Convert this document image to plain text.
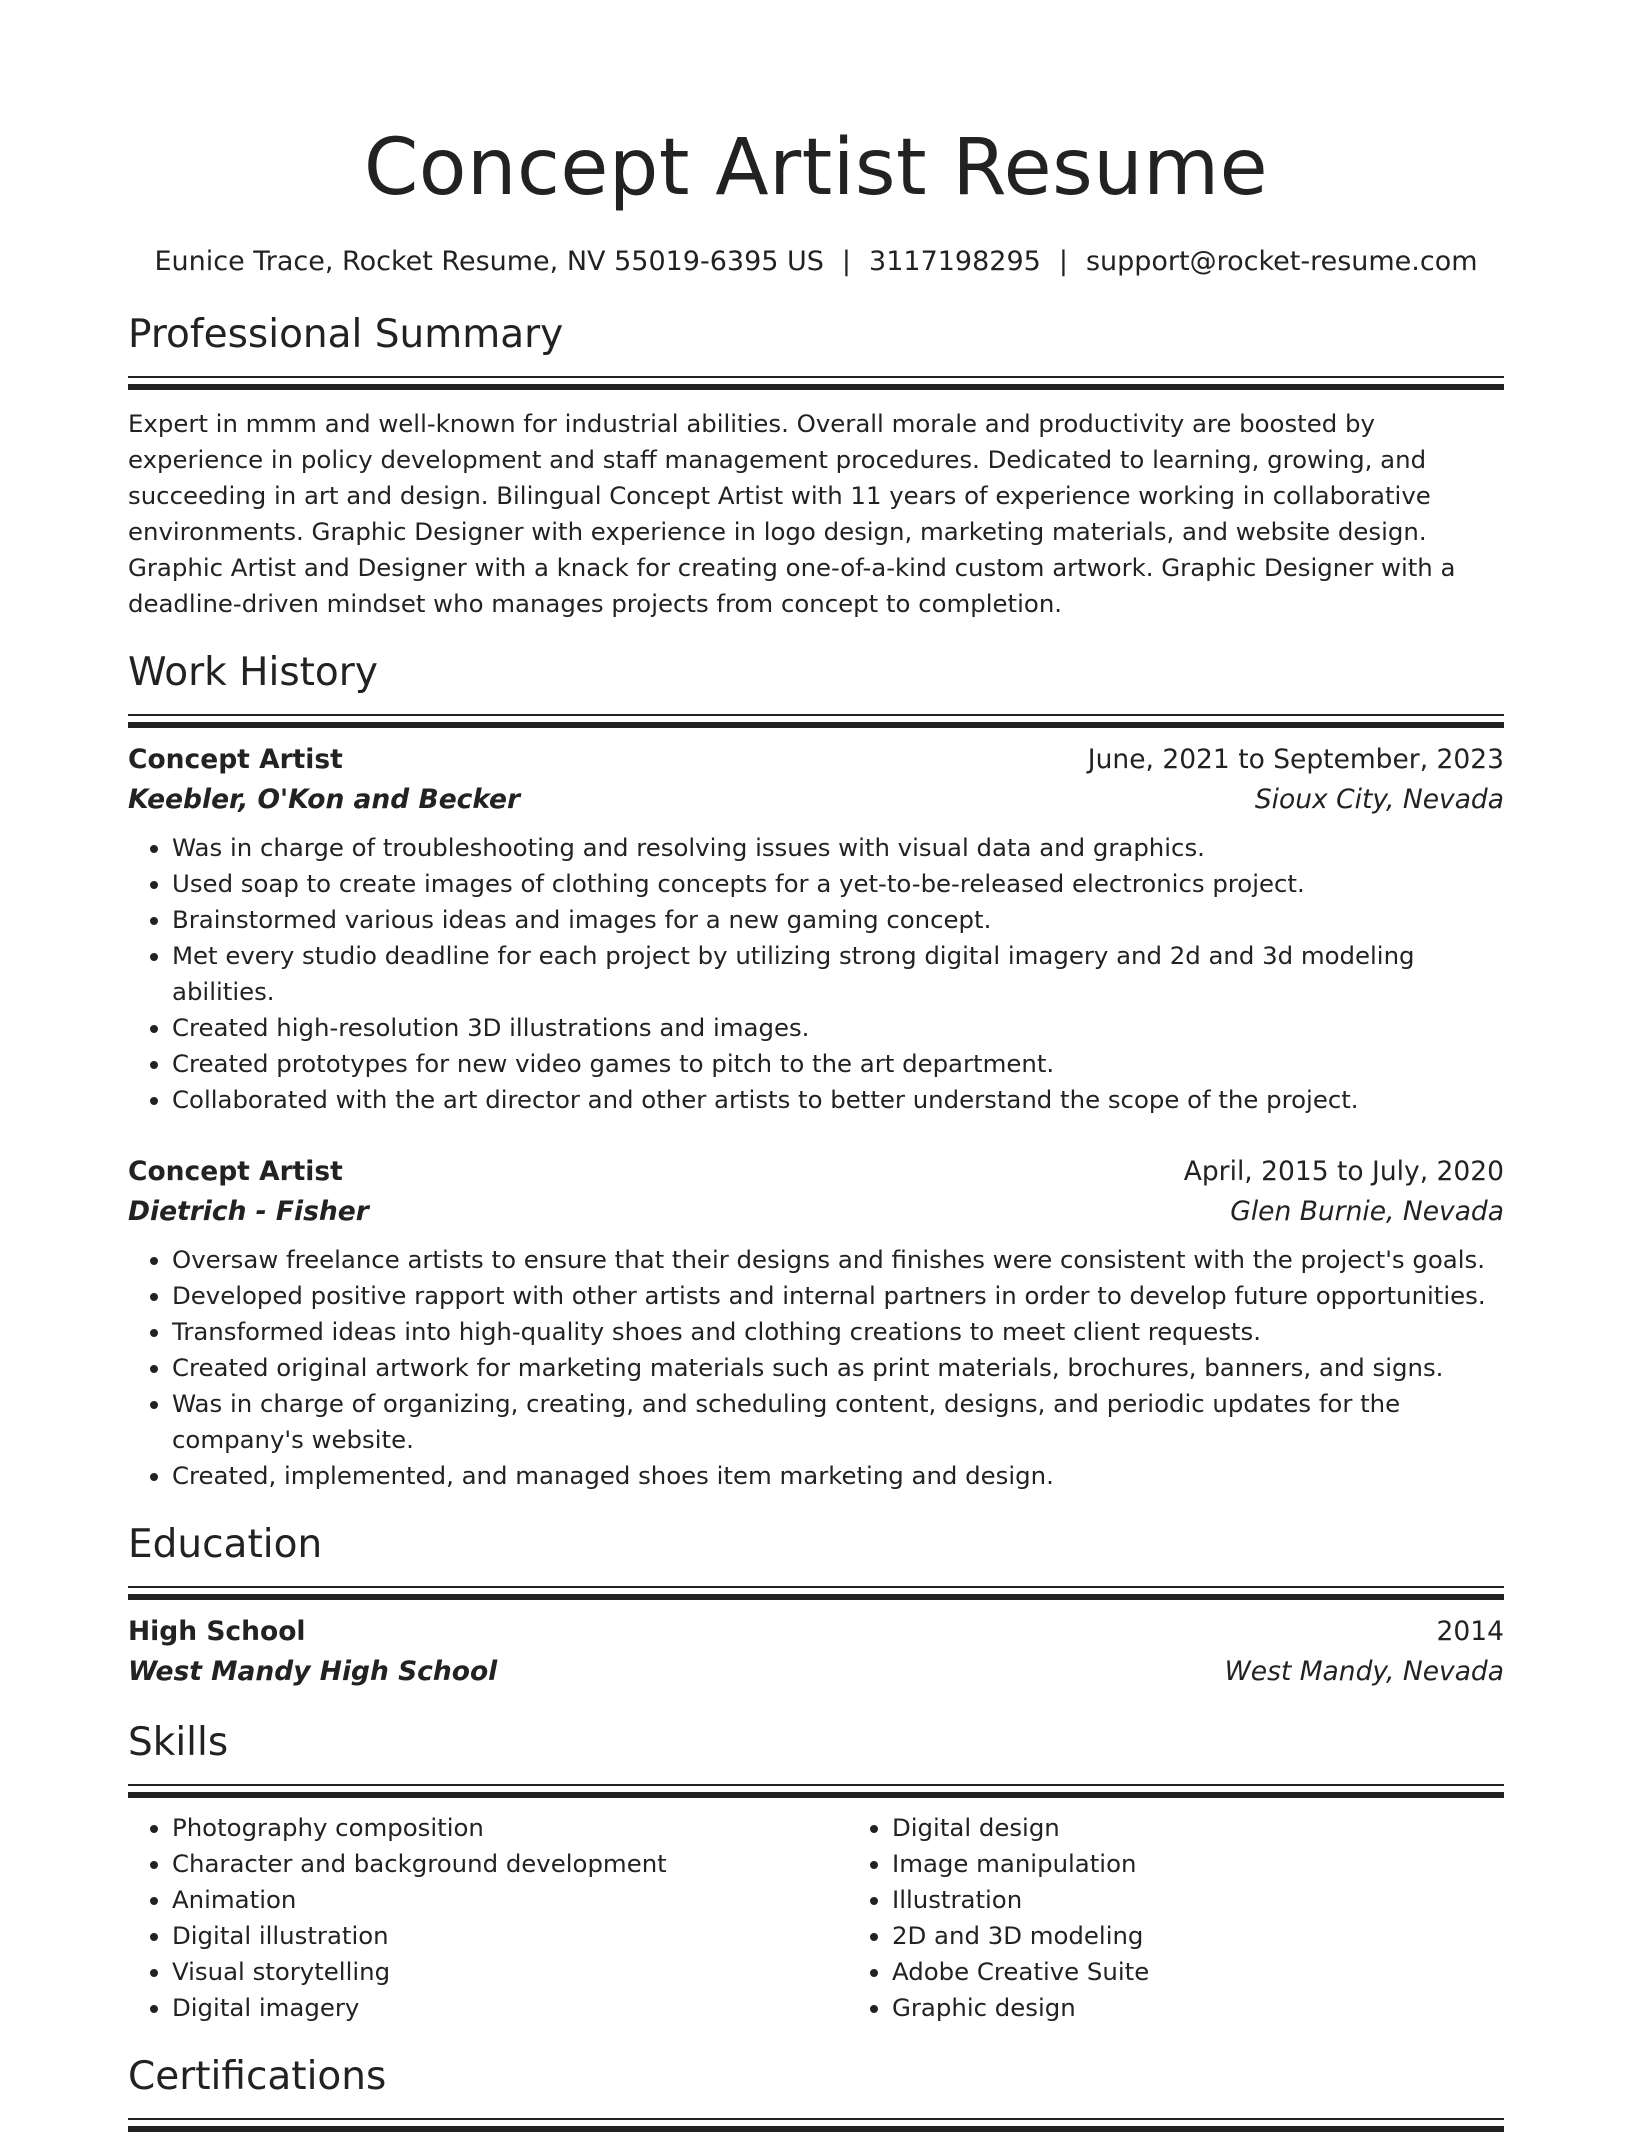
Concept Artist Resume
Eunice Trace, Rocket Resume, NV 55019-6395 US | 3117198295 | support@rocket-resume.com
Professional Summary

Expert in mmm and well-known for industrial abilities. Overall morale and productivity are boosted by experience in policy development and staff management procedures. Dedicated to learning, growing, and succeeding in art and design. Bilingual Concept Artist with 11 years of experience working in collaborative environments. Graphic Designer with experience in logo design, marketing materials, and website design. Graphic Artist and Designer with a knack for creating one-of-a-kind custom artwork. Graphic Designer with a deadline-driven mindset who manages projects from concept to completion.

Work History
Concept Artist	June, 2021 to September, 2023
Keebler, O'Kon and Becker	Sioux City, Nevada
• Was in charge of troubleshooting and resolving issues with visual data and graphics.
• Used soap to create images of clothing concepts for a yet-to-be-released electronics project.
• Brainstormed various ideas and images for a new gaming concept.
• Met every studio deadline for each project by utilizing strong digital imagery and 2d and 3d modeling abilities.
• Created high-resolution 3D illustrations and images.
• Created prototypes for new video games to pitch to the art department.
• Collaborated with the art director and other artists to better understand the scope of the project.
Concept Artist	April, 2015 to July, 2020
Dietrich - Fisher	Glen Burnie, Nevada
• Oversaw freelance artists to ensure that their designs and finishes were consistent with the project's goals.
• Developed positive rapport with other artists and internal partners in order to develop future opportunities.
• Transformed ideas into high-quality shoes and clothing creations to meet client requests.
• Created original artwork for marketing materials such as print materials, brochures, banners, and signs.
• Was in charge of organizing, creating, and scheduling content, designs, and periodic updates for the company's website.
• Created, implemented, and managed shoes item marketing and design.
Education
High School	2014
West Mandy High School	West Mandy, Nevada
Skills
• Photography composition
• Character and background development
• Animation
• Digital illustration
• Visual storytelling
• Digital imagery
• Digital design
• Image manipulation
• Illustration
• 2D and 3D modeling
• Adobe Creative Suite
• Graphic design
Certifications
